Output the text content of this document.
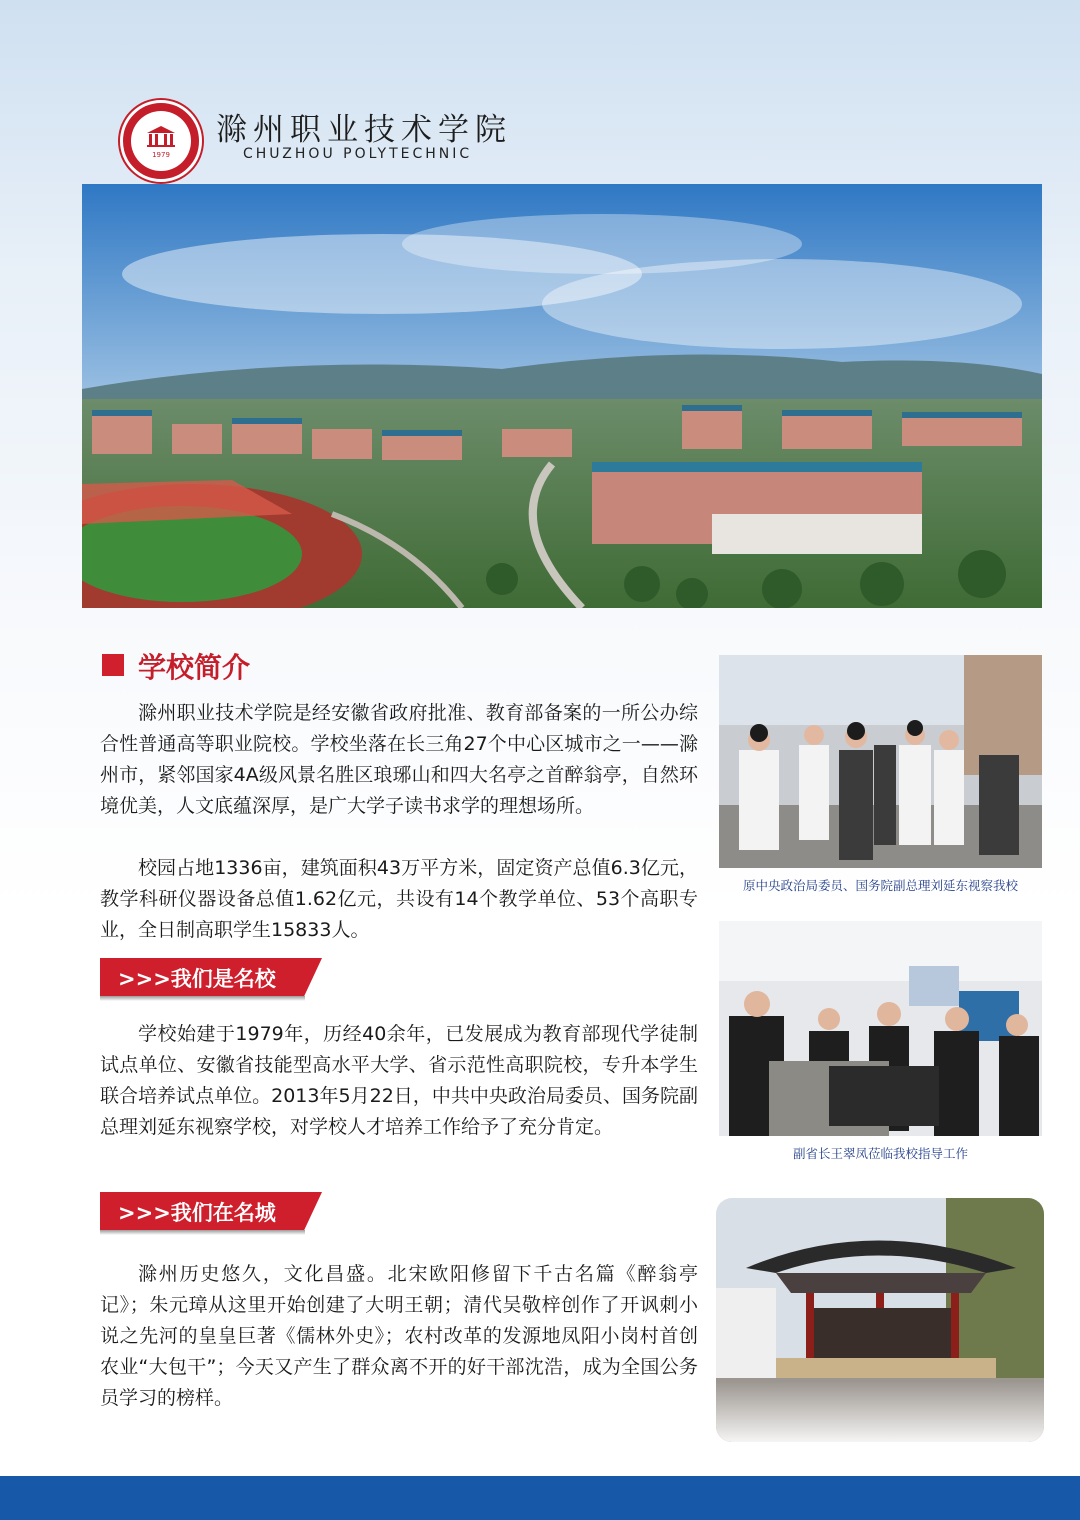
1979
滁州职业技术学院
CHUZHOU POLYTECHNIC
学校简介

滁州职业技术学院是经安徽省政府批准、教育部备案的一所公办综合性普通高等职业院校。学校坐落在长三角27个中心区城市之一——滁州市，紧邻国家4A级风景名胜区琅琊山和四大名亭之首醉翁亭，自然环境优美，人文底蕴深厚，是广大学子读书求学的理想场所。

校园占地1336亩，建筑面积43万平方米，固定资产总值6.3亿元，教学科研仪器设备总值1.62亿元，共设有14个教学单位、53个高职专业，全日制高职学生15833人。

>>>我们是名校

学校始建于1979年，历经40余年，已发展成为教育部现代学徒制试点单位、安徽省技能型高水平大学、省示范性高职院校，专升本学生联合培养试点单位。2013年5月22日，中共中央政治局委员、国务院副总理刘延东视察学校，对学校人才培养工作给予了充分肯定。

>>>我们在名城

滁州历史悠久，文化昌盛。北宋欧阳修留下千古名篇《醉翁亭记》；朱元璋从这里开始创建了大明王朝；清代吴敬梓创作了开讽刺小说之先河的皇皇巨著《儒林外史》；农村改革的发源地凤阳小岗村首创农业“大包干”；今天又产生了群众离不开的好干部沈浩，成为全国公务员学习的榜样。

原中央政治局委员、国务院副总理刘延东视察我校
副省长王翠凤莅临我校指导工作
